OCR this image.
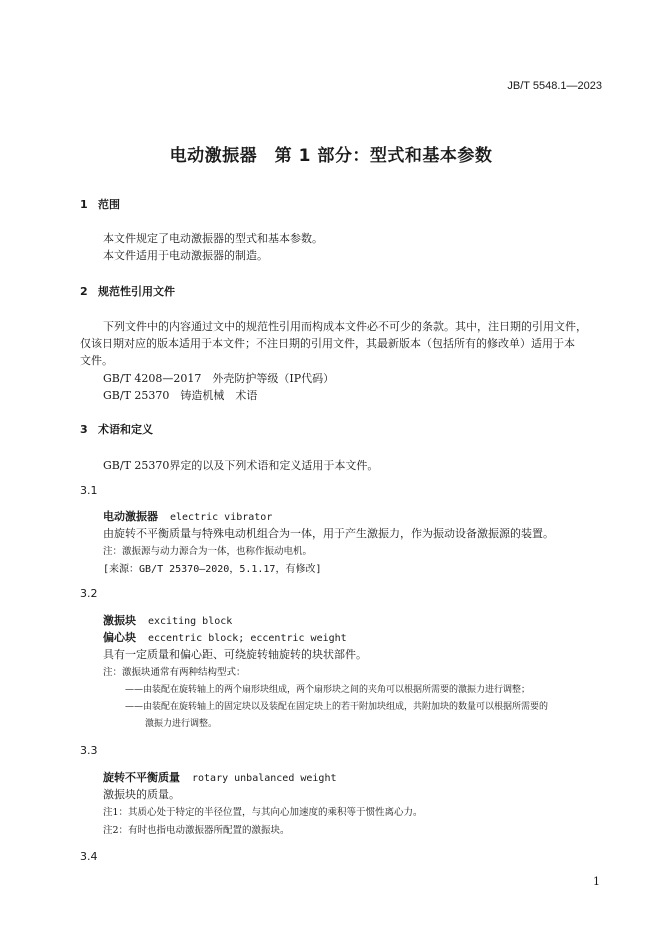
JB/T 5548.1—2023
电动激振器　第 1 部分：型式和基本参数
1 范围
本文件规定了电动激振器的型式和基本参数。
本文件适用于电动激振器的制造。
2 规范性引用文件
下列文件中的内容通过文中的规范性引用而构成本文件必不可少的条款。其中，注日期的引用文件，
仅该日期对应的版本适用于本文件；不注日期的引用文件，其最新版本（包括所有的修改单）适用于本
文件。
GB/T 4208—2017　外壳防护等级（IP代码）
GB/T 25370　铸造机械　术语
3 术语和定义
GB/T 25370界定的以及下列术语和定义适用于本文件。
3.1
电动激振器 electric vibrator
由旋转不平衡质量与特殊电动机组合为一体，用于产生激振力，作为振动设备激振源的装置。
注：激振源与动力源合为一体，也称作振动电机。
[来源：GB/T 25370—2020，5.1.17，有修改]
3.2
激振块 exciting block
偏心块 eccentric block; eccentric weight
具有一定质量和偏心距、可绕旋转轴旋转的块状部件。
注：激振块通常有两种结构型式：
——由装配在旋转轴上的两个扇形块组成，两个扇形块之间的夹角可以根据所需要的激振力进行调整；
——由装配在旋转轴上的固定块以及装配在固定块上的若干附加块组成，共附加块的数量可以根据所需要的
激振力进行调整。
3.3
旋转不平衡质量 rotary unbalanced weight
激振块的质量。
注1：其质心处于特定的半径位置，与其向心加速度的乘积等于惯性离心力。
注2：有时也指电动激振器所配置的激振块。
3.4
1
